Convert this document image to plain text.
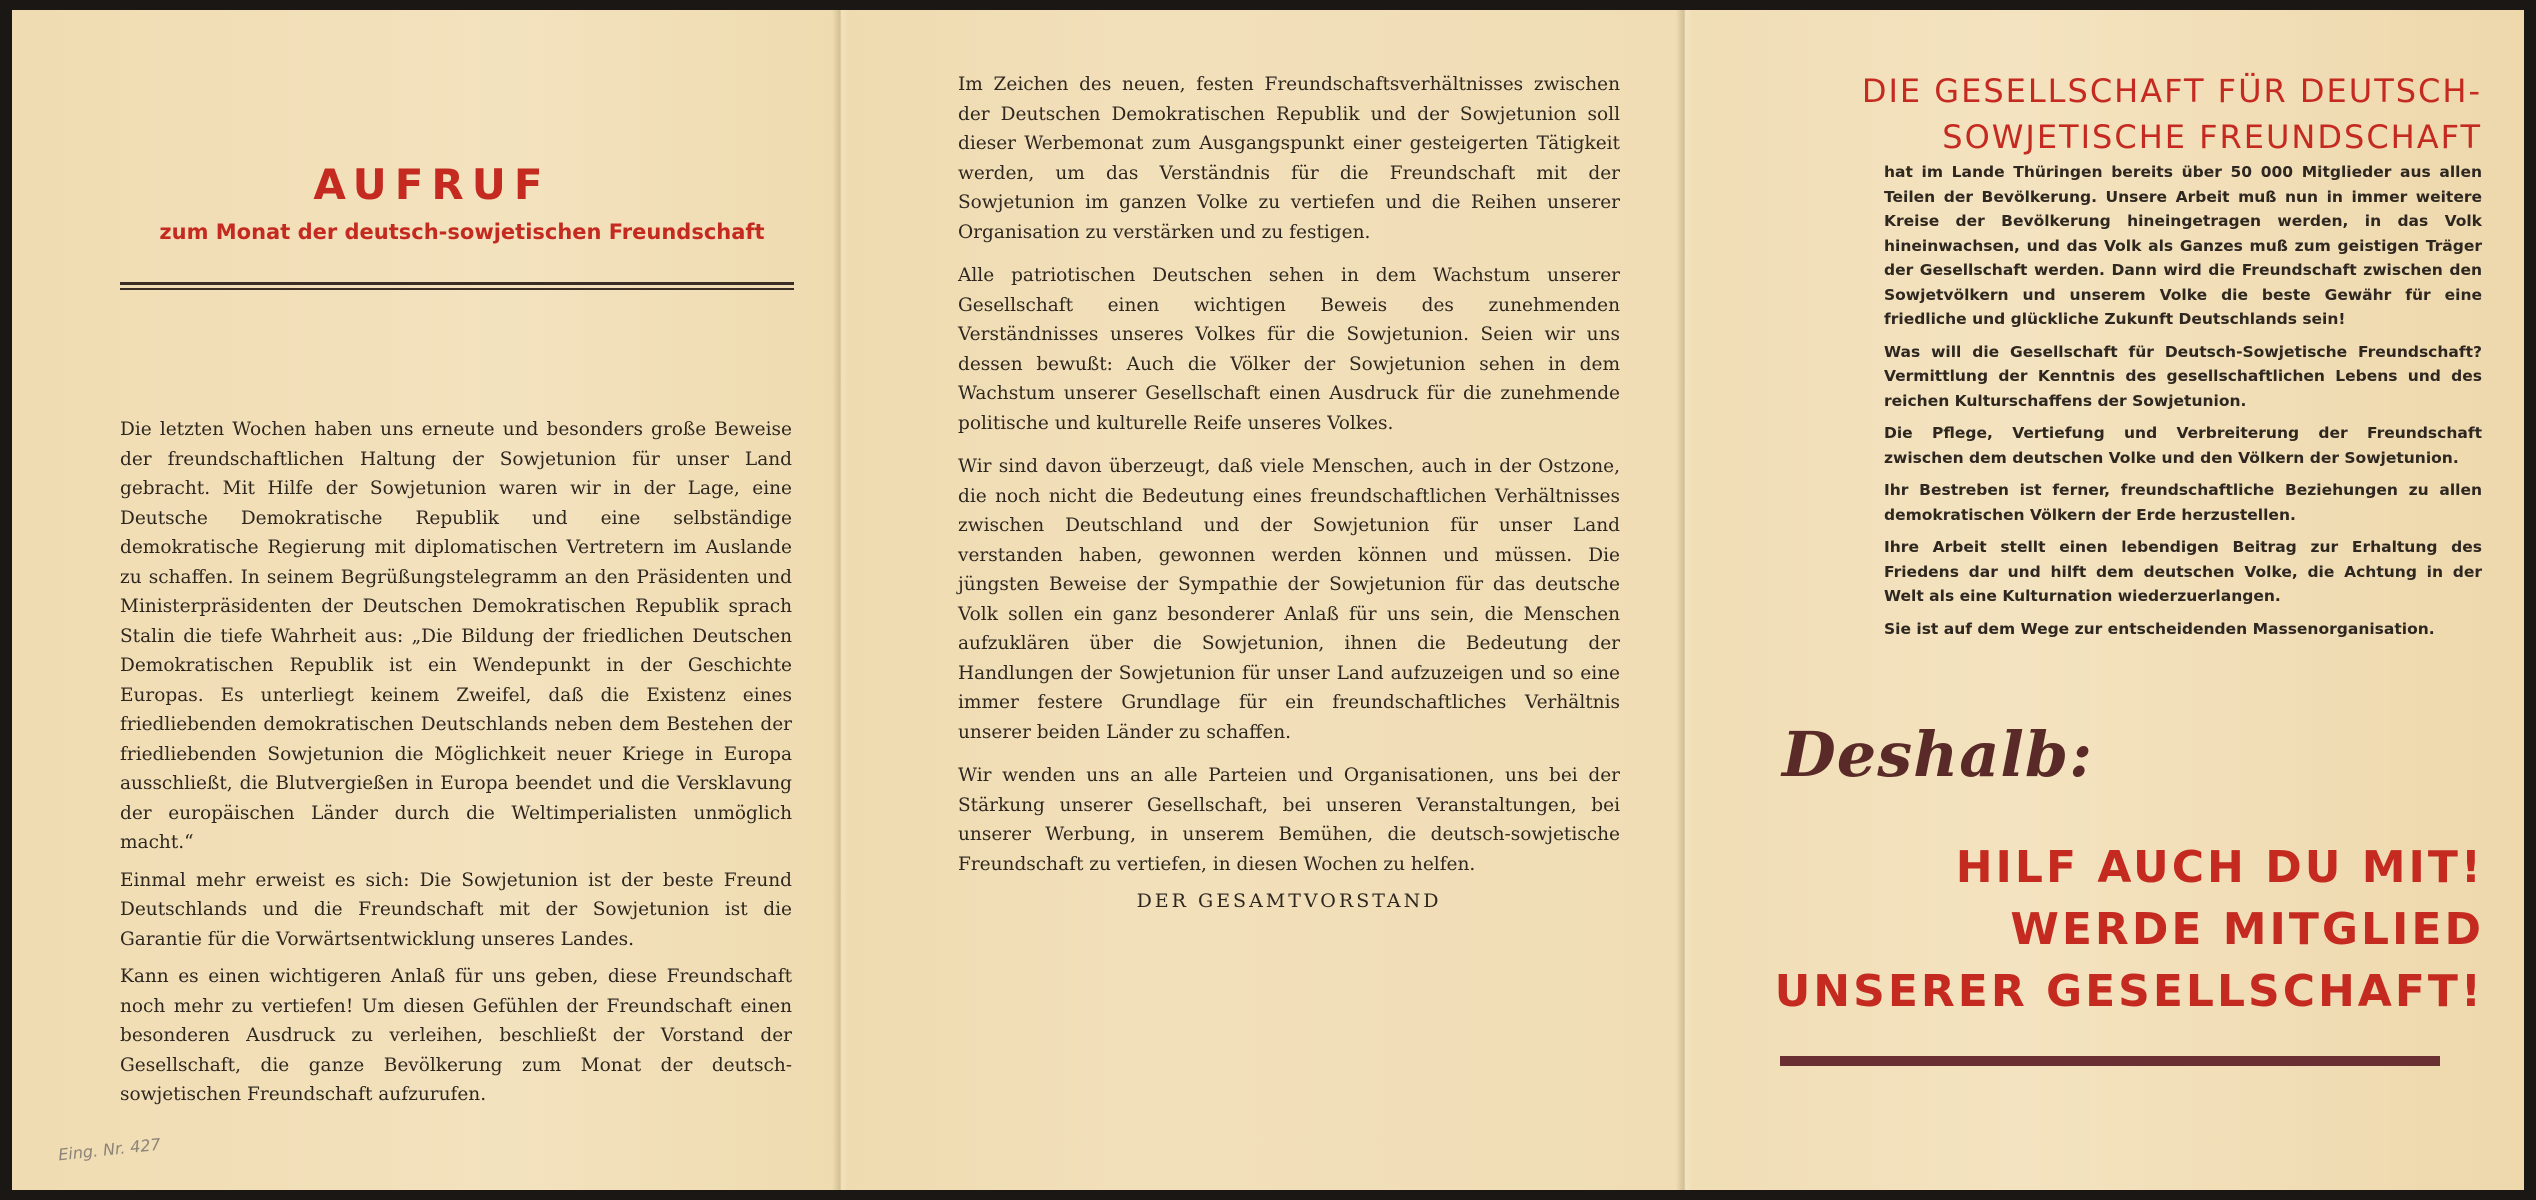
AUFRUF
zum Monat der deutsch-sowjetischen Freundschaft

Die letzten Wochen haben uns erneute und besonders große Beweise der freundschaftlichen Haltung der Sowjetunion für unser Land gebracht. Mit Hilfe der Sowjetunion waren wir in der Lage, eine Deutsche Demokratische Republik und eine selbständige demokratische Regierung mit diplomatischen Vertretern im Auslande zu schaffen. In seinem Begrüßungstelegramm an den Präsidenten und Ministerpräsidenten der Deutschen Demokratischen Republik sprach Stalin die tiefe Wahrheit aus: „Die Bildung der friedlichen Deutschen Demokratischen Republik ist ein Wendepunkt in der Geschichte Europas. Es unterliegt keinem Zweifel, daß die Existenz eines friedliebenden demokratischen Deutschlands neben dem Bestehen der friedliebenden Sowjetunion die Möglichkeit neuer Kriege in Europa ausschließt, die Blutvergießen in Europa beendet und die Versklavung der europäischen Länder durch die Weltimperialisten unmöglich macht.“

Einmal mehr erweist es sich: Die Sowjetunion ist der beste Freund Deutschlands und die Freundschaft mit der Sowjetunion ist die Garantie für die Vorwärtsentwicklung unseres Landes.

Kann es einen wichtigeren Anlaß für uns geben, diese Freundschaft noch mehr zu vertiefen! Um diesen Gefühlen der Freundschaft einen besonderen Ausdruck zu verleihen, beschließt der Vorstand der Gesellschaft, die ganze Bevölkerung zum Monat der deutsch-sowjetischen Freundschaft aufzurufen.

Eing. Nr. 427

Im Zeichen des neuen, festen Freundschaftsverhältnisses zwischen der Deutschen Demokratischen Republik und der Sowjetunion soll dieser Werbemonat zum Ausgangspunkt einer gesteigerten Tätigkeit werden, um das Verständnis für die Freundschaft mit der Sowjetunion im ganzen Volke zu vertiefen und die Reihen unserer Organisation zu verstärken und zu festigen.

Alle patriotischen Deutschen sehen in dem Wachstum unserer Gesellschaft einen wichtigen Beweis des zunehmenden Verständnisses unseres Volkes für die Sowjetunion. Seien wir uns dessen bewußt: Auch die Völker der Sowjetunion sehen in dem Wachstum unserer Gesellschaft einen Ausdruck für die zunehmende politische und kulturelle Reife unseres Volkes.

Wir sind davon überzeugt, daß viele Menschen, auch in der Ostzone, die noch nicht die Bedeutung eines freundschaftlichen Verhältnisses zwischen Deutschland und der Sowjetunion für unser Land verstanden haben, gewonnen werden können und müssen. Die jüngsten Beweise der Sympathie der Sowjetunion für das deutsche Volk sollen ein ganz besonderer Anlaß für uns sein, die Menschen aufzuklären über die Sowjetunion, ihnen die Bedeutung der Handlungen der Sowjetunion für unser Land aufzuzeigen und so eine immer festere Grundlage für ein freundschaftliches Verhältnis unserer beiden Länder zu schaffen.

Wir wenden uns an alle Parteien und Organisationen, uns bei der Stärkung unserer Gesellschaft, bei unseren Veranstaltungen, bei unserer Werbung, in unserem Bemühen, die deutsch-sowjetische Freundschaft zu vertiefen, in diesen Wochen zu helfen.

DER GESAMTVORSTAND
DIE GESELLSCHAFT FÜR DEUTSCH-
SOWJETISCHE FREUNDSCHAFT

hat im Lande Thüringen bereits über 50 000 Mitglieder aus allen Teilen der Bevölkerung. Unsere Arbeit muß nun in immer weitere Kreise der Bevölkerung hineingetragen werden, in das Volk hineinwachsen, und das Volk als Ganzes muß zum geistigen Träger der Gesellschaft werden. Dann wird die Freundschaft zwischen den Sowjetvölkern und unserem Volke die beste Gewähr für eine friedliche und glückliche Zukunft Deutschlands sein!

Was will die Gesellschaft für Deutsch-Sowjetische Freundschaft? Vermittlung der Kenntnis des gesellschaftlichen Lebens und des reichen Kulturschaffens der Sowjetunion.

Die Pflege, Vertiefung und Verbreiterung der Freundschaft zwischen dem deutschen Volke und den Völkern der Sowjetunion.

Ihr Bestreben ist ferner, freundschaftliche Beziehungen zu allen demokratischen Völkern der Erde herzustellen.

Ihre Arbeit stellt einen lebendigen Beitrag zur Erhaltung des Friedens dar und hilft dem deutschen Volke, die Achtung in der Welt als eine Kulturnation wiederzuerlangen.

Sie ist auf dem Wege zur entscheidenden Massenorganisation.

Deshalb:
HILF AUCH DU MIT!
WERDE MITGLIED
UNSERER GESELLSCHAFT!
